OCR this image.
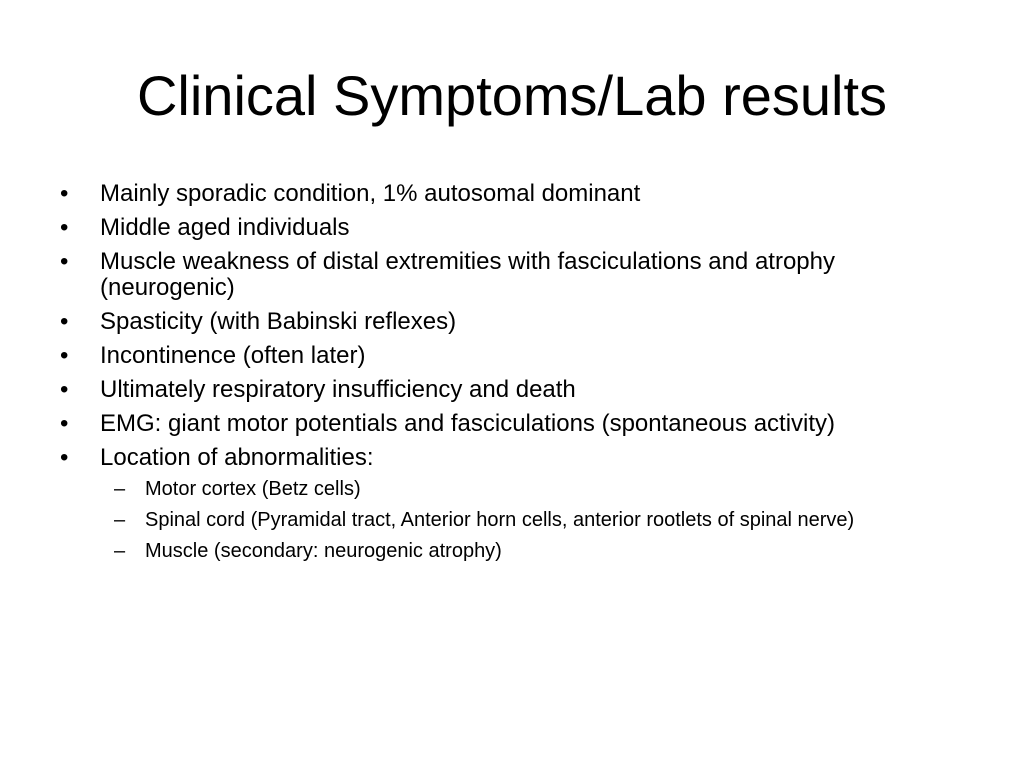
Clinical Symptoms/Lab results
• Mainly sporadic condition, 1% autosomal dominant
• Middle aged individuals
• Muscle weakness of distal extremities with fasciculations and atrophy (neurogenic)
• Spasticity (with Babinski reflexes)
• Incontinence (often later)
• Ultimately respiratory insufficiency and death
• EMG: giant motor potentials and fasciculations (spontaneous activity)
• Location of abnormalities:
– Motor cortex (Betz cells)
– Spinal cord (Pyramidal tract, Anterior horn cells, anterior rootlets of spinal nerve)
– Muscle (secondary: neurogenic atrophy)
